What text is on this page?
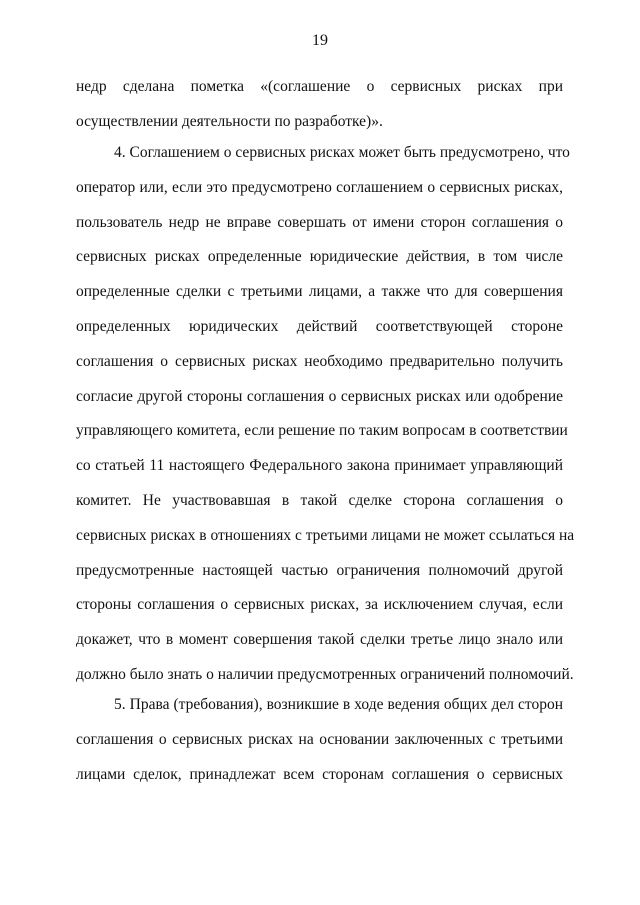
19
недр сделана пометка «(соглашение о сервисных рисках при
осуществлении деятельности по разработке)».
4. Соглашением о сервисных рисках может быть предусмотрено, что
оператор или, если это предусмотрено соглашением о сервисных рисках,
пользователь недр не вправе совершать от имени сторон соглашения о
сервисных рисках определенные юридические действия, в том числе
определенные сделки с третьими лицами, а также что для совершения
определенных юридических действий соответствующей стороне
соглашения о сервисных рисках необходимо предварительно получить
согласие другой стороны соглашения о сервисных рисках или одобрение
управляющего комитета, если решение по таким вопросам в соответствии
со статьей 11 настоящего Федерального закона принимает управляющий
комитет. Не участвовавшая в такой сделке сторона соглашения о
сервисных рисках в отношениях с третьими лицами не может ссылаться на
предусмотренные настоящей частью ограничения полномочий другой
стороны соглашения о сервисных рисках, за исключением случая, если
докажет, что в момент совершения такой сделки третье лицо знало или
должно было знать о наличии предусмотренных ограничений полномочий.
5. Права (требования), возникшие в ходе ведения общих дел сторон
соглашения о сервисных рисках на основании заключенных с третьими
лицами сделок, принадлежат всем сторонам соглашения о сервисных
